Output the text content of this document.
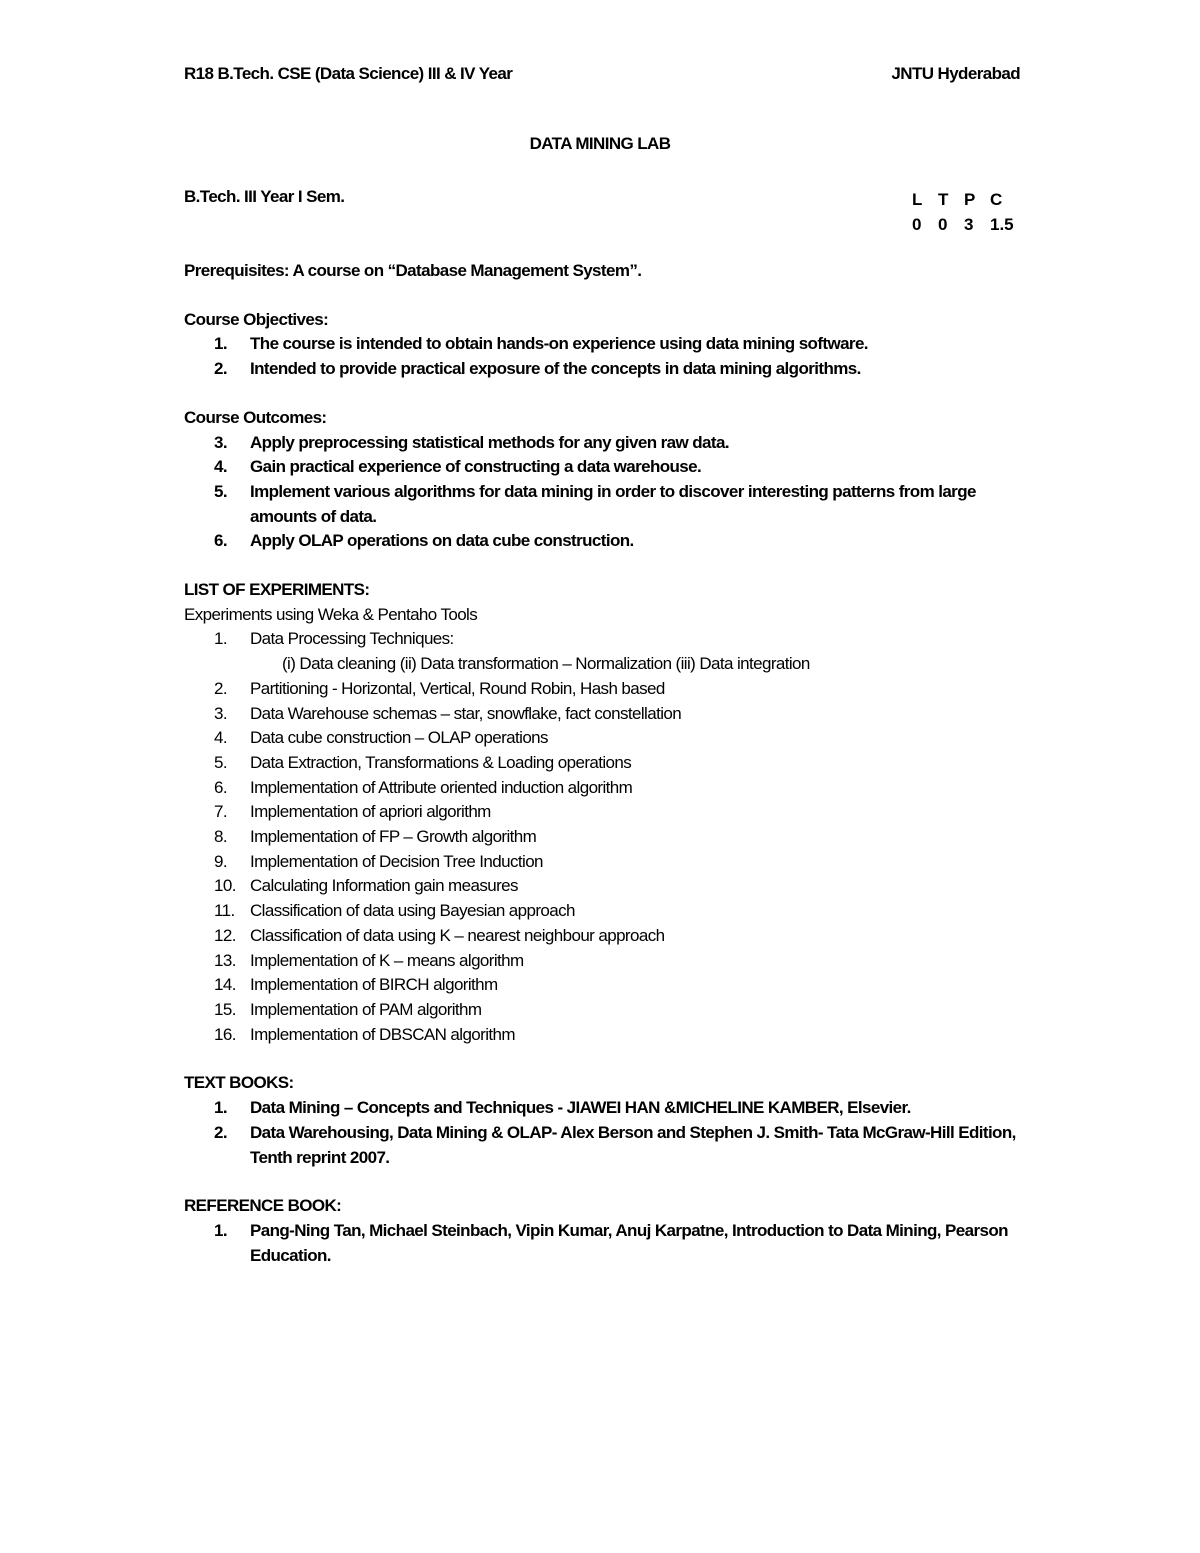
R18 B.Tech. CSE (Data Science) III & IV Year	JNTU Hyderabad
DATA MINING LAB
B.Tech. III Year I Sem.	L T P C
0 0 3 1.5

Prerequisites: A course on “Database Management System”.

Course Objectives:
1.	The course is intended to obtain hands-on experience using data mining software.
2.	Intended to provide practical exposure of the concepts in data mining algorithms.
Course Outcomes:
3.	Apply preprocessing statistical methods for any given raw data.
4.	Gain practical experience of constructing a data warehouse.
5.	Implement various algorithms for data mining in order to discover interesting patterns from large amounts of data.
6.	Apply OLAP operations on data cube construction.
LIST OF EXPERIMENTS:
Experiments using Weka & Pentaho Tools
1.	Data Processing Techniques:
(i) Data cleaning (ii) Data transformation – Normalization (iii) Data integration
2.	Partitioning - Horizontal, Vertical, Round Robin, Hash based
3.	Data Warehouse schemas – star, snowflake, fact constellation
4.	Data cube construction – OLAP operations
5.	Data Extraction, Transformations & Loading operations
6.	Implementation of Attribute oriented induction algorithm
7.	Implementation of apriori algorithm
8.	Implementation of FP – Growth algorithm
9.	Implementation of Decision Tree Induction
10. Calculating Information gain measures
11. Classification of data using Bayesian approach
12. Classification of data using K – nearest neighbour approach
13. Implementation of K – means algorithm
14. Implementation of BIRCH algorithm
15. Implementation of PAM algorithm
16. Implementation of DBSCAN algorithm
TEXT BOOKS:
1.	Data Mining – Concepts and Techniques - JIAWEI HAN &MICHELINE KAMBER, Elsevier.
2.	Data Warehousing, Data Mining & OLAP- Alex Berson and Stephen J. Smith- Tata McGraw-Hill Edition, Tenth reprint 2007.
REFERENCE BOOK:
1.	Pang-Ning Tan, Michael Steinbach, Vipin Kumar, Anuj Karpatne, Introduction to Data Mining, Pearson Education.
